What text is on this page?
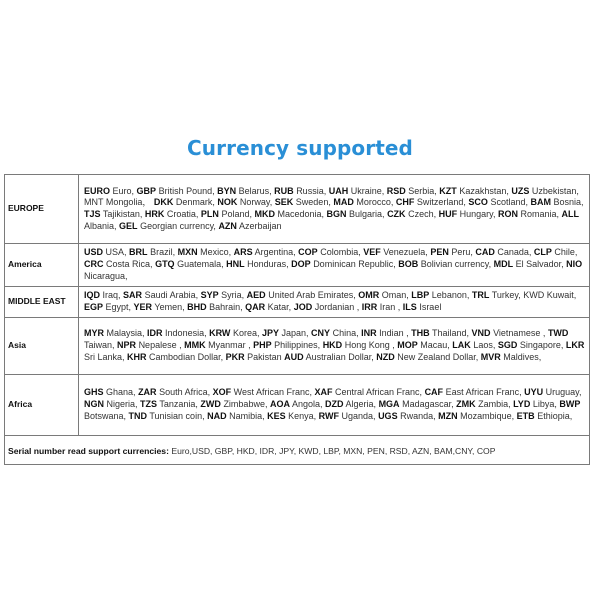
Currency supported
EUROPE	EURO Euro, GBP British Pound, BYN Belarus, RUB Russia, UAH Ukraine, RSD Serbia, KZT Kazakhstan, UZS Uzbekistan, MNT Mongolia， DKK Denmark, NOK Norway, SEK Sweden, MAD Morocco, CHF Switzerland, SCO Scotland, BAM Bosnia, TJS Tajikistan, HRK Croatia, PLN Poland, MKD Macedonia, BGN Bulgaria, CZK Czech, HUF Hungary, RON Romania, ALL Albania, GEL Georgian currency, AZN Azerbaijan
America	USD USA, BRL Brazil, MXN Mexico, ARS Argentina, COP Colombia, VEF Venezuela, PEN Peru, CAD Canada, CLP Chile, CRC Costa Rica, GTQ Guatemala, HNL Honduras, DOP Dominican Republic, BOB Bolivian currency, MDL El Salvador, NIO Nicaragua,
MIDDLE EAST	IQD Iraq, SAR Saudi Arabia, SYP Syria, AED United Arab Emirates, OMR Oman, LBP Lebanon, TRL Turkey, KWD Kuwait, EGP Egypt, YER Yemen, BHD Bahrain, QAR Katar, JOD Jordanian , IRR Iran , ILS Israel
Asia	MYR Malaysia, IDR Indonesia, KRW Korea, JPY Japan, CNY China, INR Indian , THB Thailand, VND Vietnamese , TWD Taiwan, NPR Nepalese , MMK Myanmar , PHP Philippines, HKD Hong Kong , MOP Macau, LAK Laos, SGD Singapore, LKR Sri Lanka, KHR Cambodian Dollar, PKR Pakistan AUD Australian Dollar, NZD New Zealand Dollar, MVR Maldives,
Africa	GHS Ghana, ZAR South Africa, XOF West African Franc, XAF Central African Franc, CAF East African Franc, UYU Uruguay, NGN Nigeria, TZS Tanzania, ZWD Zimbabwe, AOA Angola, DZD Algeria, MGA Madagascar, ZMK Zambia, LYD Libya, BWP Botswana, TND Tunisian coin, NAD Namibia, KES Kenya, RWF Uganda, UGS Rwanda, MZN Mozambique, ETB Ethiopia,
Serial number read support currencies: Euro,USD, GBP, HKD, IDR, JPY, KWD, LBP, MXN, PEN, RSD, AZN, BAM,CNY, COP	
